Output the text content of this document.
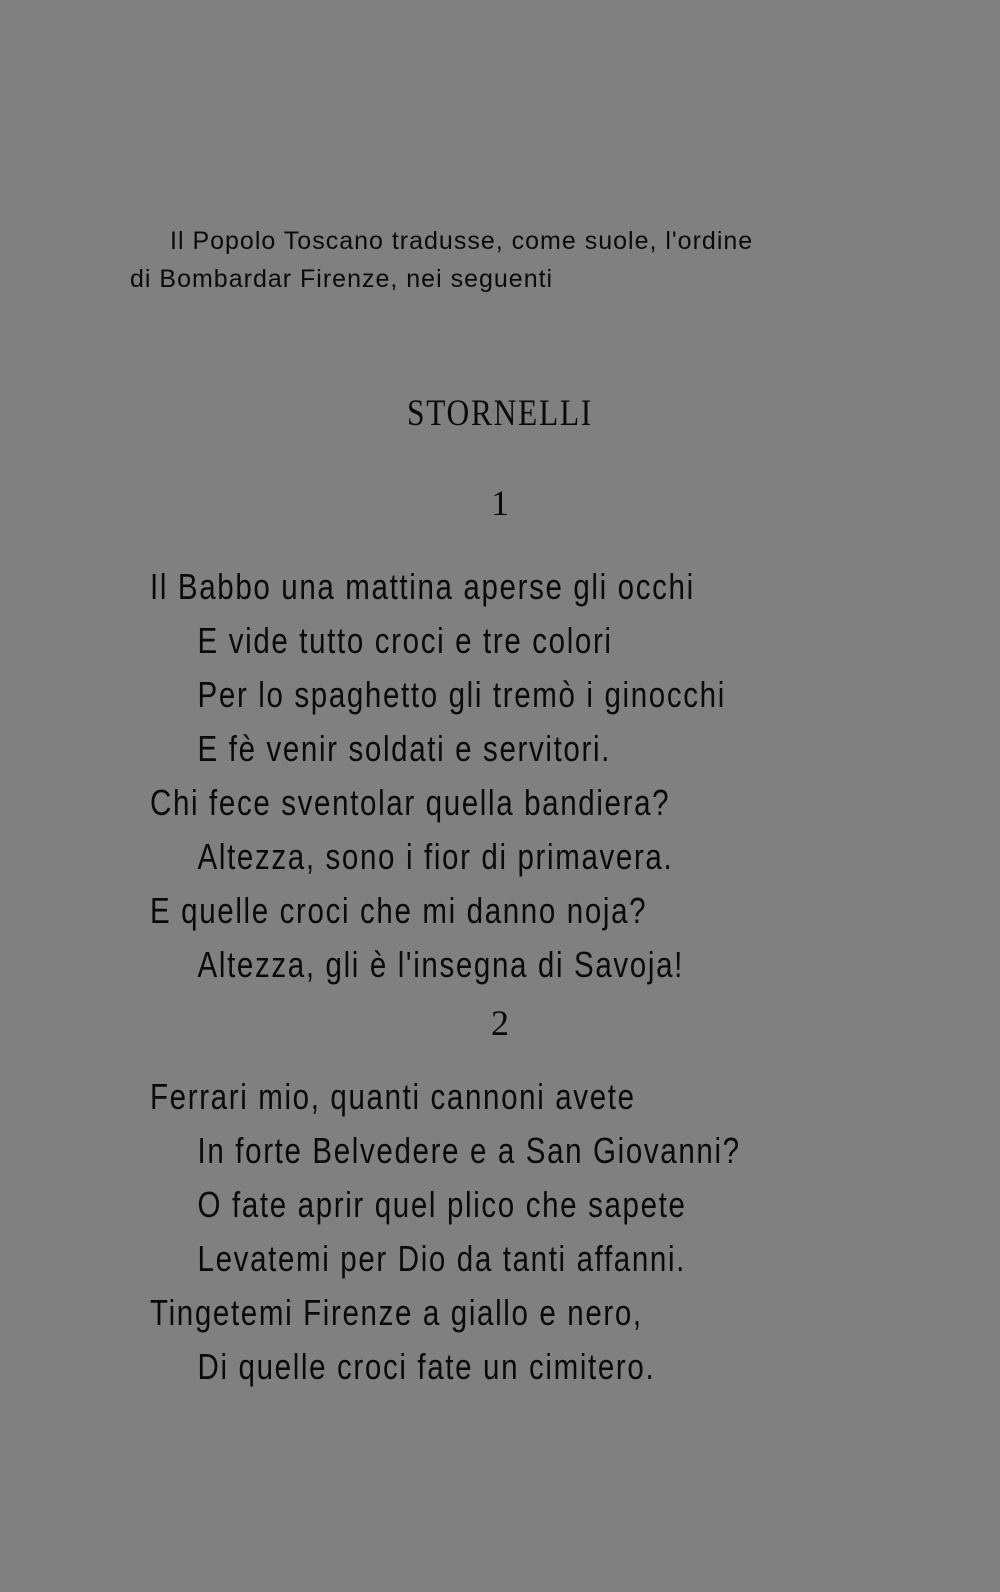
Il Popolo Toscano tradusse, come suole, l'ordine
di Bombardar Firenze, nei seguenti
STORNELLI
1
Il Babbo una mattina aperse gli occhi
E vide tutto croci e tre colori
Per lo spaghetto gli tremò i ginocchi
E fè venir soldati e servitori.
Chi fece sventolar quella bandiera?
Altezza, sono i fior di primavera.
E quelle croci che mi danno noja?
Altezza, gli è l'insegna di Savoja!
2
Ferrari mio, quanti cannoni avete
In forte Belvedere e a San Giovanni?
O fate aprir quel plico che sapete
Levatemi per Dio da tanti affanni.
Tingetemi Firenze a giallo e nero,
Di quelle croci fate un cimitero.
